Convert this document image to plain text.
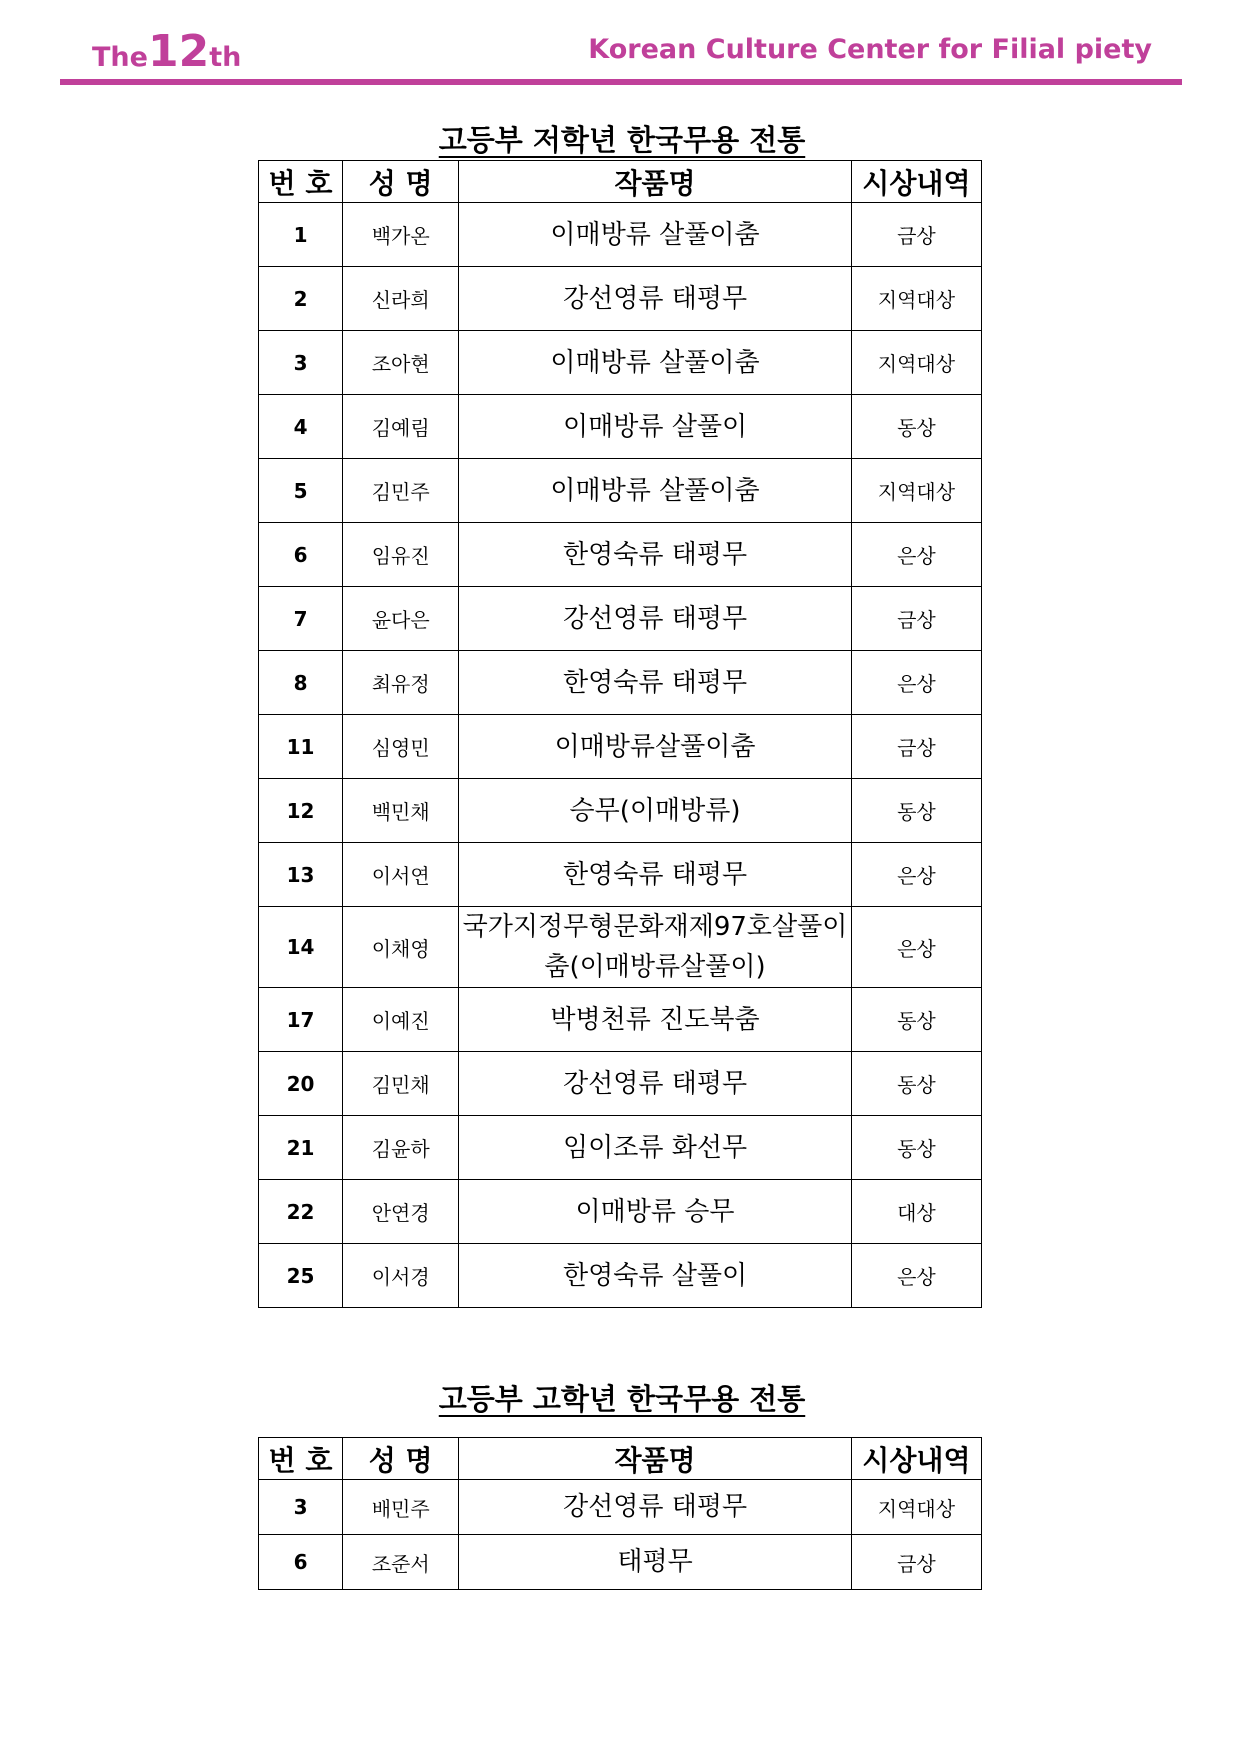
The12th	Korean Culture Center for Filial piety
고등부 저학년 한국무용 전통
번 호	성 명	작품명	시상내역
1	백가온	이매방류 살풀이춤	금상
2	신라희	강선영류 태평무	지역대상
3	조아현	이매방류 살풀이춤	지역대상
4	김예림	이매방류 살풀이	동상
5	김민주	이매방류 살풀이춤	지역대상
6	임유진	한영숙류 태평무	은상
7	윤다은	강선영류 태평무	금상
8	최유정	한영숙류 태평무	은상
11	심영민	이매방류살풀이춤	금상
12	백민채	승무(이매방류)	동상
13	이서연	한영숙류 태평무	은상
14	이채영	국가지정무형문화재제97호살풀이춤(이매방류살풀이)	은상
17	이예진	박병천류 진도북춤	동상
20	김민채	강선영류 태평무	동상
21	김윤하	임이조류 화선무	동상
22	안연경	이매방류 승무	대상
25	이서경	한영숙류 살풀이	은상
고등부 고학년 한국무용 전통
번 호	성 명	작품명	시상내역
3	배민주	강선영류 태평무	지역대상
6	조준서	태평무	금상
